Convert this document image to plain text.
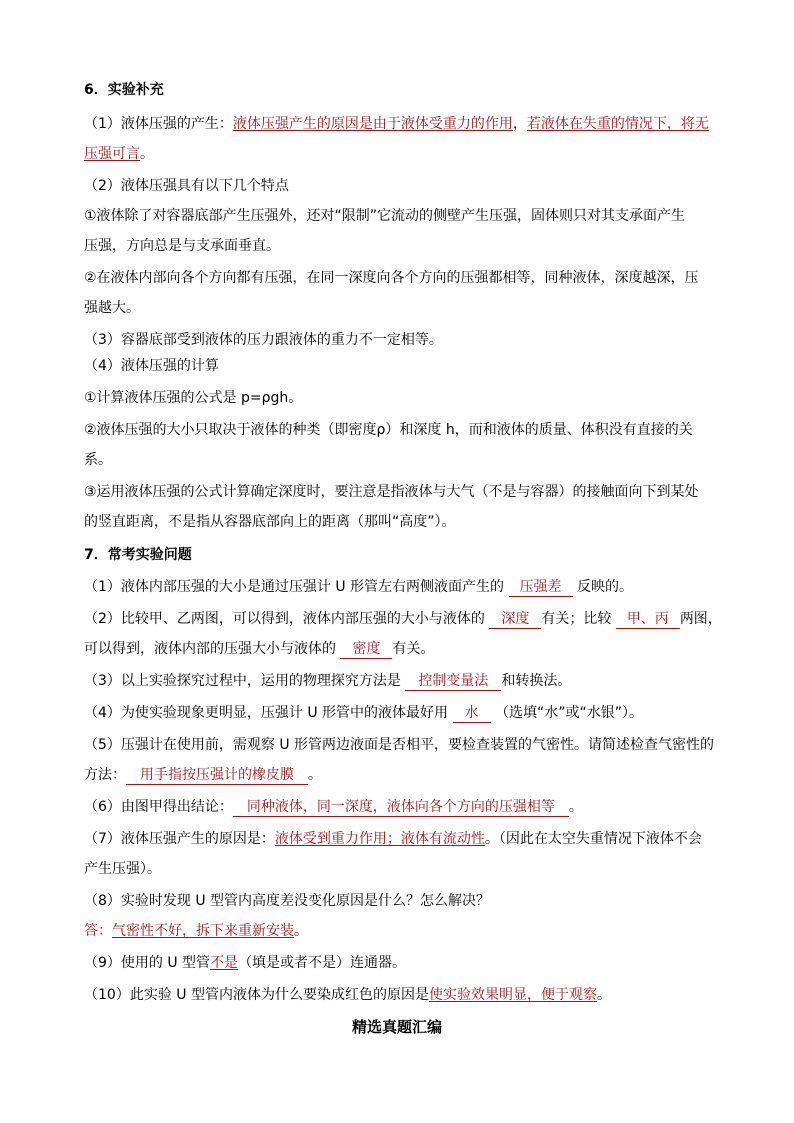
6．实验补充
（1）液体压强的产生：液体压强产生的原因是由于液体受重力的作用，若液体在失重的情况下，将无
压强可言。
（2）液体压强具有以下几个特点
①液体除了对容器底部产生压强外，还对“限制”它流动的侧壁产生压强，固体则只对其支承面产生
压强，方向总是与支承面垂直。
②在液体内部向各个方向都有压强，在同一深度向各个方向的压强都相等，同种液体，深度越深，压
强越大。
（3）容器底部受到液体的压力跟液体的重力不一定相等。
（4）液体压强的计算
①计算液体压强的公式是 p=ρgh。
②液体压强的大小只取决于液体的种类（即密度ρ）和深度 h，而和液体的质量、体积没有直接的关
系。
③运用液体压强的公式计算确定深度时，要注意是指液体与大气（不是与容器）的接触面向下到某处
的竖直距离，不是指从容器底部向上的距离（那叫“高度”）。
7．常考实验问题
（1）液体内部压强的大小是通过压强计 U 形管左右两侧液面产生的 压强差 反映的。
（2）比较甲、乙两图，可以得到，液体内部压强的大小与液体的 深度 有关；比较 甲、丙 两图，
可以得到，液体内部的压强大小与液体的 密度 有关。
（3）以上实验探究过程中，运用的物理探究方法是 控制变量法 和转换法。
（4）为使实验现象更明显，压强计 U 形管中的液体最好用 水 （选填“水”或“水银”）。
（5）压强计在使用前，需观察 U 形管两边液面是否相平，要检查装置的气密性。请简述检查气密性的
方法： 用手指按压强计的橡皮膜 。
（6）由图甲得出结论： 同种液体，同一深度，液体向各个方向的压强相等 。
（7）液体压强产生的原因是：液体受到重力作用；液体有流动性。（因此在太空失重情况下液体不会
产生压强）。
（8）实验时发现 U 型管内高度差没变化原因是什么？怎么解决？
答：气密性不好，拆下来重新安装。
（9）使用的 U 型管不是（填是或者不是）连通器。
（10）此实验 U 型管内液体为什么要染成红色的原因是使实验效果明显，便于观察。
精选真题汇编
